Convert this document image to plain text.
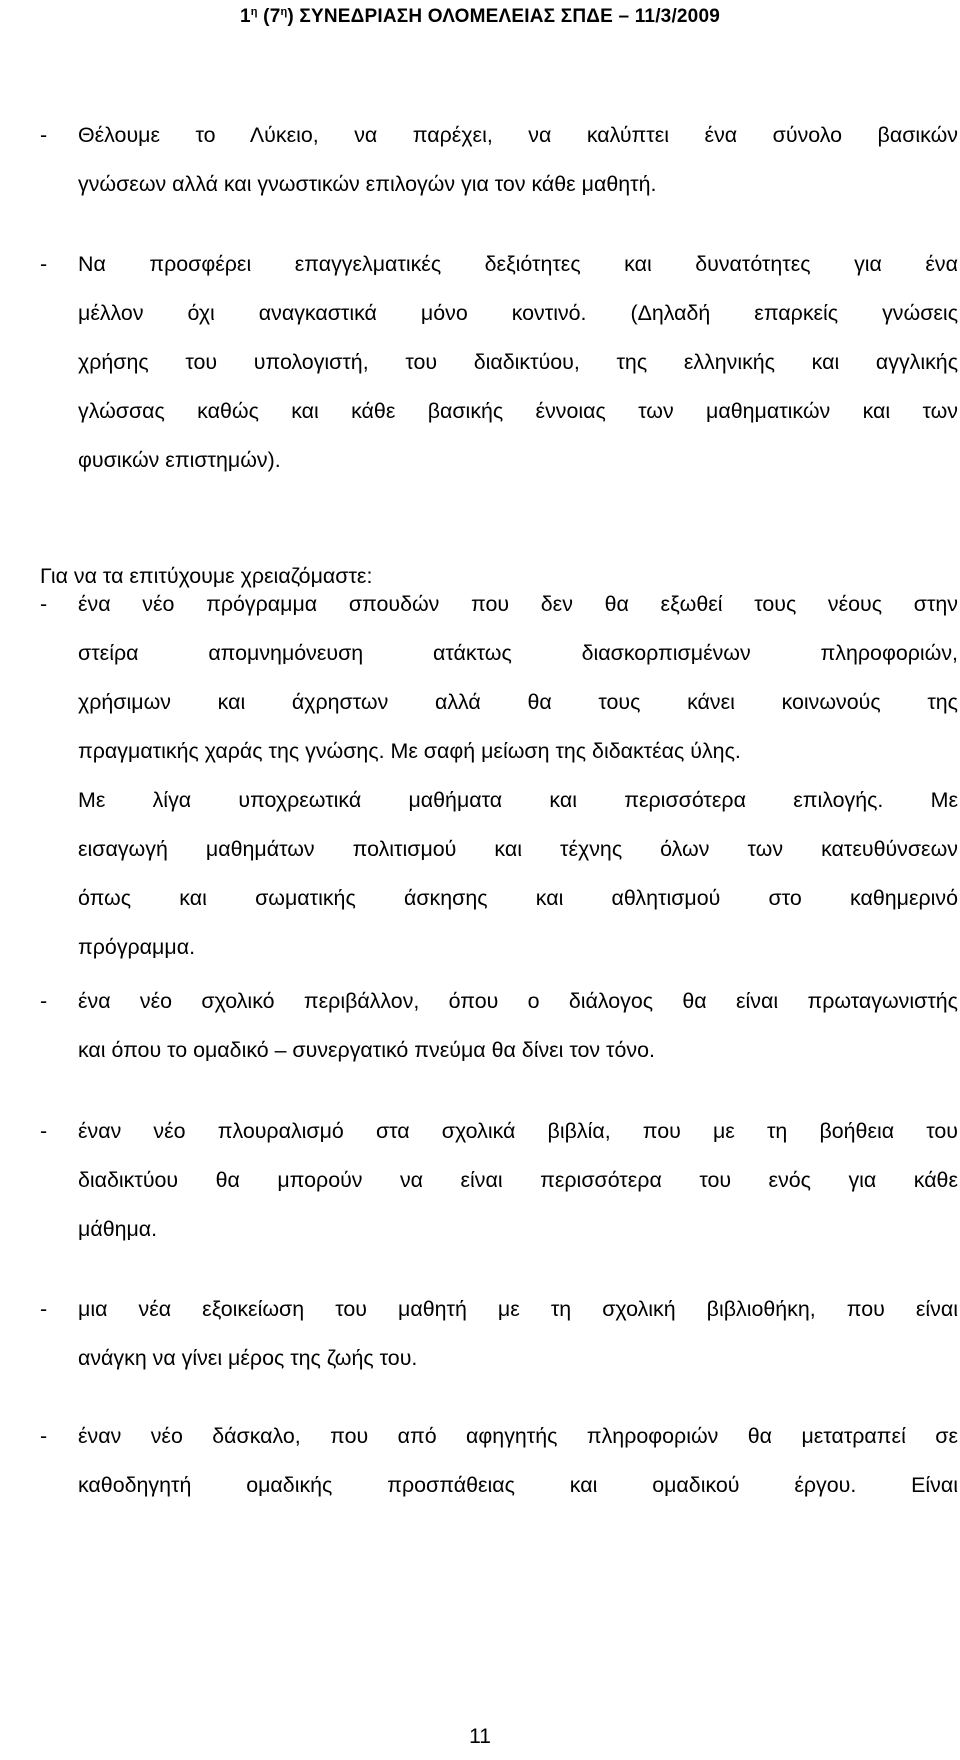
$1^\eta$ $(7^\eta)$ ΣΥΝΕΔΡΙΑΣΗ ΟΛΟΜΕΛΕΙΑΣ ΣΠΔΕ – 11/3/2009
- Θέλουμε το Λύκειο, να παρέχει, να καλύπτει ένα σύνολο βασικών
γνώσεων αλλά και γνωστικών επιλογών για τον κάθε μαθητή.
- Να προσφέρει επαγγελματικές δεξιότητες και δυνατότητες για ένα
μέλλον όχι αναγκαστικά μόνο κοντινό. (Δηλαδή επαρκείς γνώσεις
χρήσης του υπολογιστή, του διαδικτύου, της ελληνικής και αγγλικής
γλώσσας καθώς και κάθε βασικής έννοιας των μαθηματικών και των
φυσικών επιστημών).
Για να τα επιτύχουμε χρειαζόμαστε:
- ένα νέο πρόγραμμα σπουδών που δεν θα εξωθεί τους νέους στην
στείρα απομνημόνευση ατάκτως διασκορπισμένων πληροφοριών,
χρήσιμων και άχρηστων αλλά θα τους κάνει κοινωνούς της
πραγματικής χαράς της γνώσης. Με σαφή μείωση της διδακτέας ύλης.
Με λίγα υποχρεωτικά μαθήματα και περισσότερα επιλογής. Με
εισαγωγή μαθημάτων πολιτισμού και τέχνης όλων των κατευθύνσεων
όπως και σωματικής άσκησης και αθλητισμού στο καθημερινό
πρόγραμμα.
- ένα νέο σχολικό περιβάλλον, όπου ο διάλογος θα είναι πρωταγωνιστής
και όπου το ομαδικό – συνεργατικό πνεύμα θα δίνει τον τόνο.
- έναν νέο πλουραλισμό στα σχολικά βιβλία, που με τη βοήθεια του
διαδικτύου θα μπορούν να είναι περισσότερα του ενός για κάθε
μάθημα.
- μια νέα εξοικείωση του μαθητή με τη σχολική βιβλιοθήκη, που είναι
ανάγκη να γίνει μέρος της ζωής του.
- έναν νέο δάσκαλο, που από αφηγητής πληροφοριών θα μετατραπεί σε
καθοδηγητή ομαδικής προσπάθειας και ομαδικού έργου. Είναι
11
